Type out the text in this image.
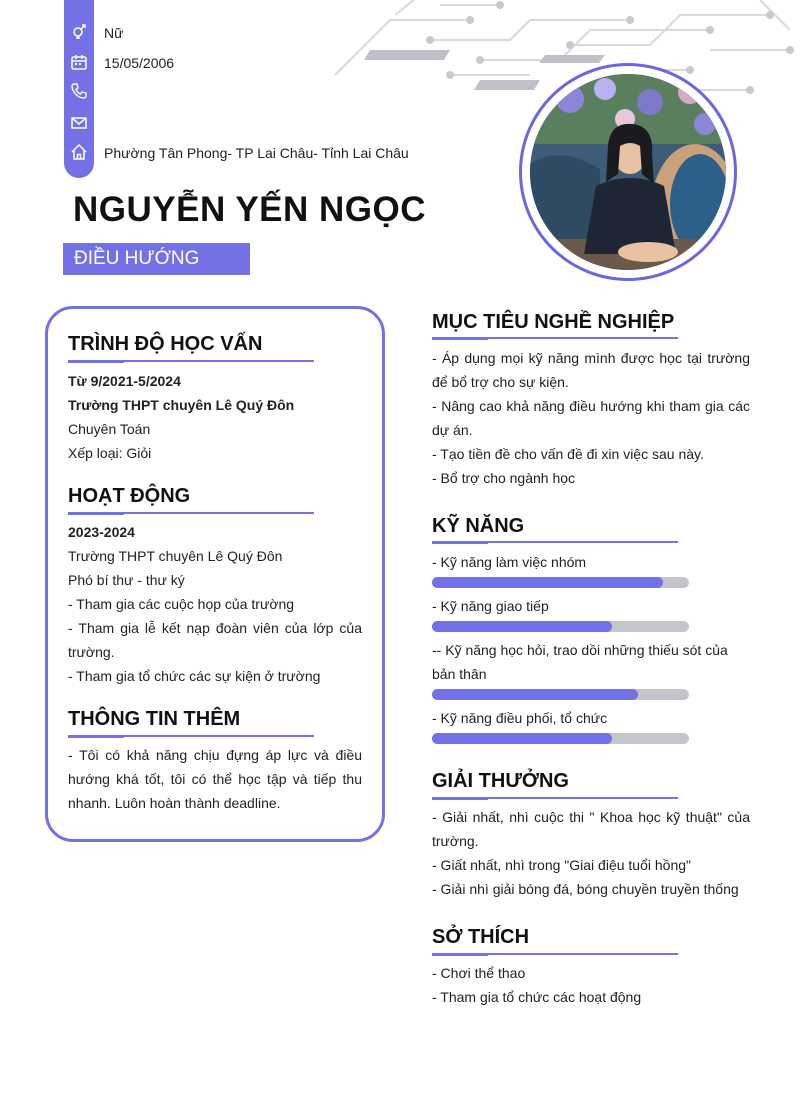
Nữ
15/05/2006
Phường Tân Phong- TP Lai Châu- Tỉnh Lai Châu
NGUYỄN YẾN NGỌC
ĐIỀU HƯỚNG
TRÌNH ĐỘ HỌC VẤN
Từ 9/2021-5/2024
Trường THPT chuyên Lê Quý Đôn
Chuyên Toán
Xếp loại: Giỏi
HOẠT ĐỘNG
2023-2024
Trường THPT chuyên Lê Quý Đôn
Phó bí thư - thư ký
- Tham gia các cuộc họp của trường
- Tham gia lễ kết nạp đoàn viên của lớp của trường.
- Tham gia tổ chức các sự kiện ở trường
THÔNG TIN THÊM
- Tôi có khả năng chịu đựng áp lực và điều hướng khá tốt, tôi có thể học tập và tiếp thu nhanh. Luôn hoàn thành deadline.
MỤC TIÊU NGHỀ NGHIỆP
- Áp dụng mọi kỹ năng mình được học tại trường để bổ trợ cho sự kiện.
- Nâng cao khả năng điều hướng khi tham gia các dự án.
- Tạo tiền đề cho vấn đề đi xin việc sau này.
- Bổ trợ cho ngành học
KỸ NĂNG
- Kỹ năng làm việc nhóm
- Kỹ năng giao tiếp
-- Kỹ năng học hỏi, trao dồi những thiếu sót của bản thân
- Kỹ năng điều phối, tổ chức
GIẢI THƯỞNG
- Giải nhất, nhì cuộc thi " Khoa học kỹ thuật" của trường.
- Giất nhất, nhì trong "Giai điệu tuổi hồng"
- Giải nhì giải bóng đá, bóng chuyền truyền thống
SỞ THÍCH
- Chơi thể thao
- Tham gia tổ chức các hoạt động
